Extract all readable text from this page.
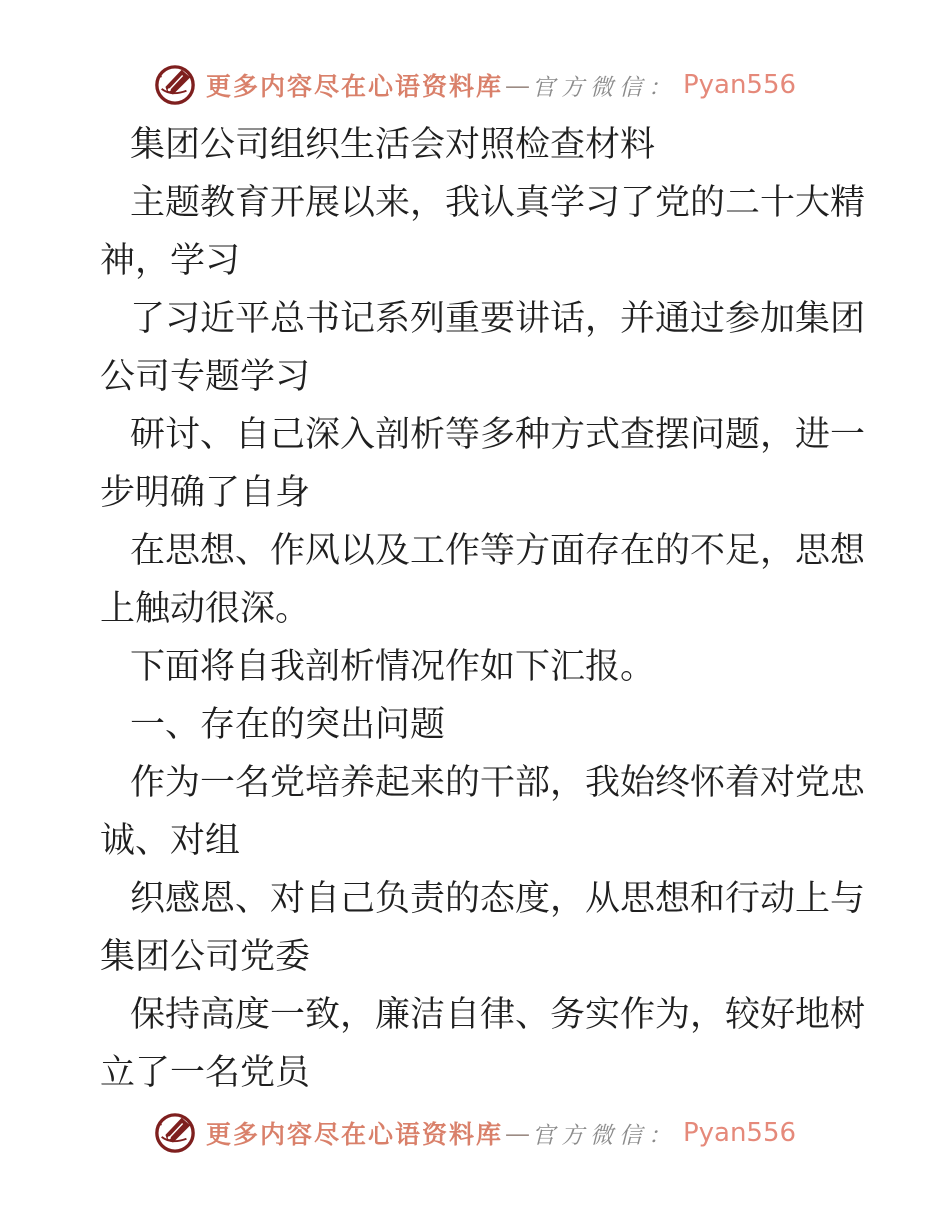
更多内容尽在心语资料库 — 官方微信： Pyan556
集团公司组织生活会对照检查材料
主题教育开展以来，我认真学习了党的二十大精
神，学习
了习近平总书记系列重要讲话，并通过参加集团
公司专题学习
研讨、自己深入剖析等多种方式查摆问题，进一
步明确了自身
在思想、作风以及工作等方面存在的不足，思想
上触动很深。
下面将自我剖析情况作如下汇报。
一、存在的突出问题
作为一名党培养起来的干部，我始终怀着对党忠
诚、对组
织感恩、对自己负责的态度，从思想和行动上与
集团公司党委
保持高度一致，廉洁自律、务实作为，较好地树
立了一名党员
更多内容尽在心语资料库 — 官方微信： Pyan556
